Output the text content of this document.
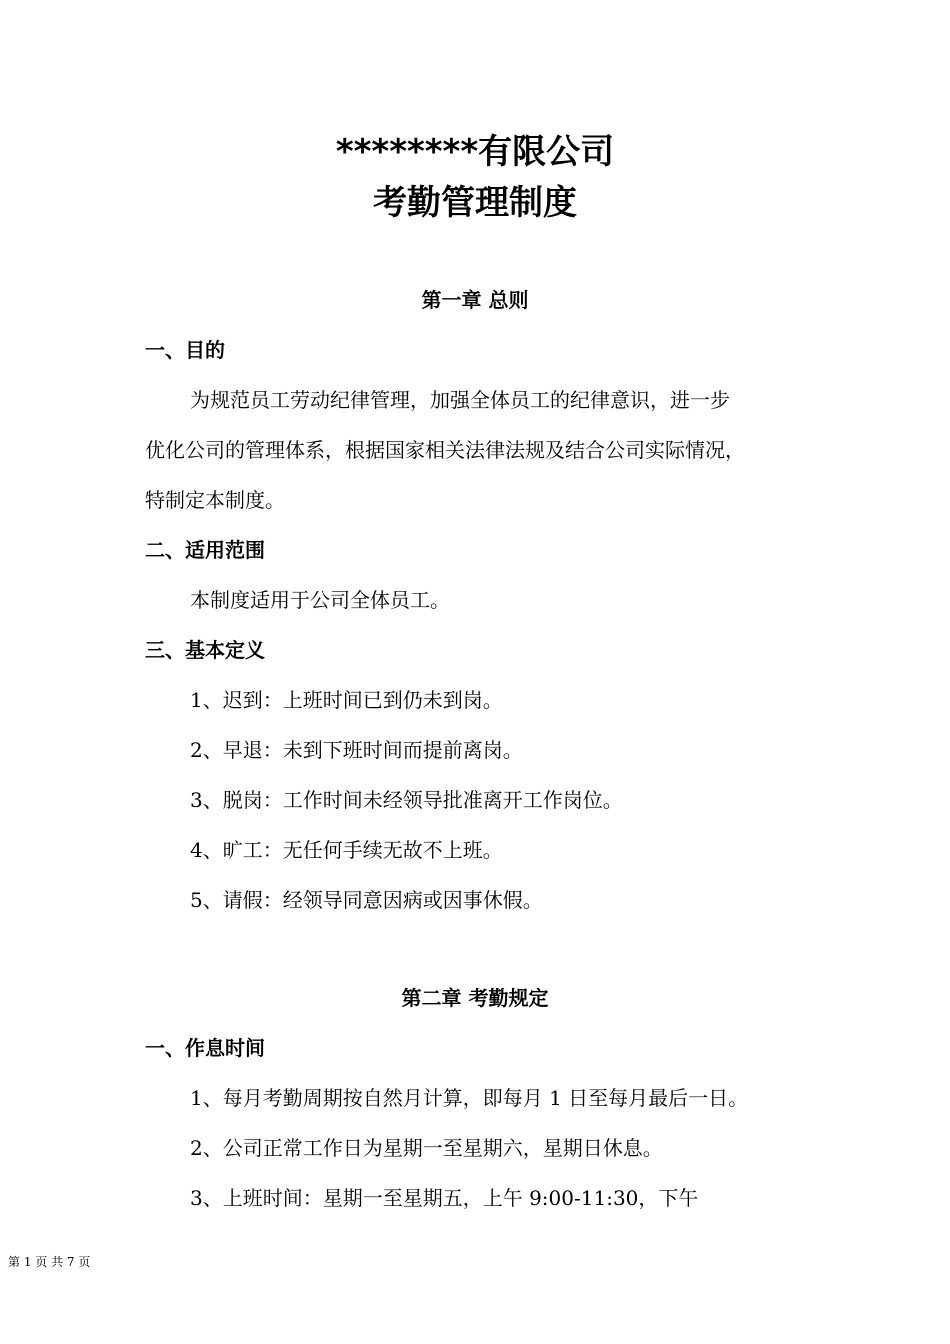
********有限公司
考勤管理制度
第一章 总则
一、目的
为规范员工劳动纪律管理，加强全体员工的纪律意识，进一步
优化公司的管理体系，根据国家相关法律法规及结合公司实际情况，
特制定本制度。
二、适用范围
本制度适用于公司全体员工。
三、基本定义
1、迟到：上班时间已到仍未到岗。
2、早退：未到下班时间而提前离岗。
3、脱岗：工作时间未经领导批准离开工作岗位。
4、旷工：无任何手续无故不上班。
5、请假：经领导同意因病或因事休假。
第二章 考勤规定
一、作息时间
1、每月考勤周期按自然月计算，即每月 1 日至每月最后一日。
2、公司正常工作日为星期一至星期六，星期日休息。
3、上班时间：星期一至星期五，上午 9:00-11:30，下午
第 1 页 共 7 页
